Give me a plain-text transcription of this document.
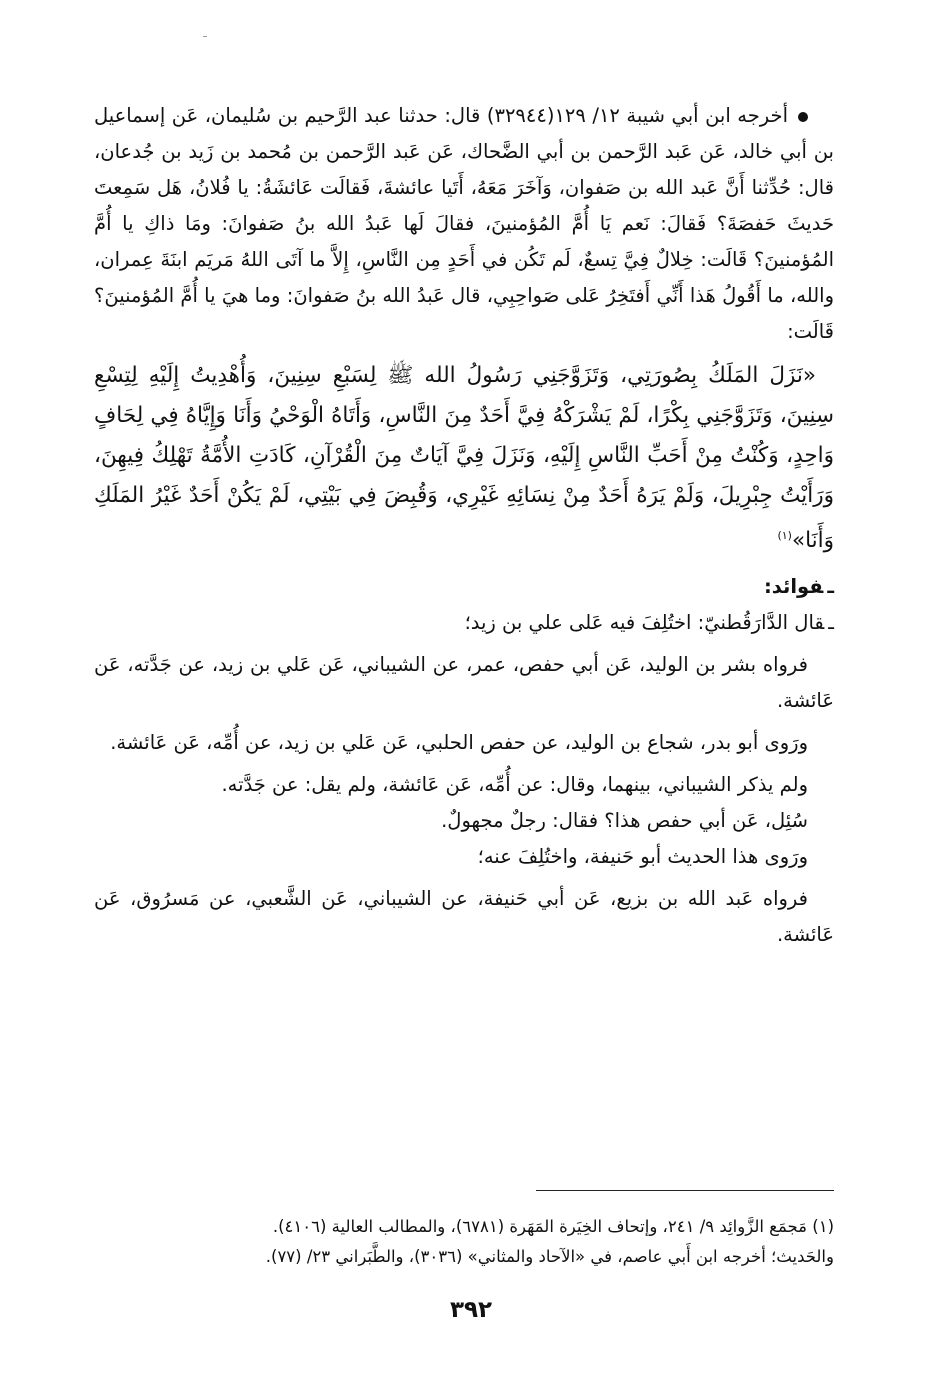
أخرجه ابن أبي شيبة ١٢/ ١٢٩(٣٢٩٤٤) قال: حدثنا عبد الرَّحيم بن سُليمان، عَن إسماعيل بن أبي خالد، عَن عَبد الرَّحمن بن أبي الضَّحاك، عَن عَبد الرَّحمن بن مُحمد بن زَيد بن جُدعان، قال: حُدِّثنا أَنَّ عَبد الله بن صَفوان، وَآخَرَ مَعَهُ، أَتَيا عائشةَ، فَقالَت عَائشَةُ: يا فُلانُ، هَل سَمِعتَ حَديثَ حَفصَةَ؟ فَقالَ: نَعم يَا أُمَّ المُؤمنينَ، فقالَ لَها عَبدُ الله بنُ صَفوانَ: ومَا ذاكِ يا أُمَّ المُؤمنينَ؟ قَالَت: خِلالٌ فِيَّ تِسعٌ، لَم تَكُن في أَحَدٍ مِن النَّاسِ، إِلاَّ ما آتَى اللهُ مَريَم ابنَةَ عِمران، والله، ما أَقُولُ هَذا أَنِّي أَفتَخِرُ عَلى صَواحِبِي، قال عَبدُ الله بنُ صَفوانَ: وما هيَ يا أُمَّ المُؤمنينَ؟ قَالَت:

«نَزَلَ المَلَكُ بِصُورَتِي، وَتَزَوَّجَنِي رَسُولُ الله ﷺ لِسَبْعِ سِنِينَ، وَأُهْدِيتُ إِلَيْهِ لِتِسْعِ سِنِينَ، وَتَزَوَّجَنِي بِكْرًا، لَمْ يَشْرَكْهُ فِيَّ أَحَدٌ مِنَ النَّاسِ، وَأَتَاهُ الْوَحْيُ وَأَنَا وَإِيَّاهُ فِي لِحَافٍ وَاحِدٍ، وَكُنْتُ مِنْ أَحَبِّ النَّاسِ إِلَيْهِ، وَنَزَلَ فِيَّ آيَاتٌ مِنَ الْقُرْآنِ، كَادَتِ الأُمَّةُ تَهْلِكُ فِيهِنَ، وَرَأَيْتُ جِبْرِيلَ، وَلَمْ يَرَهُ أَحَدٌ مِنْ نِسَائِهِ غَيْرِي، وَقُبِضَ فِي بَيْتِي، لَمْ يَكُنْ أَحَدٌ غَيْرُ المَلَكِ وَأَنَا»$^{(١)}$

ـفوائد:

ـقال الدَّارَقُطنيّ: اختُلِفَ فيه عَلى علي بن زيد؛

فرواه بشر بن الوليد، عَن أبي حفص، عمر، عن الشيباني، عَن عَلي بن زيد، عن جَدَّته، عَن عَائشة.

ورَوى أبو بدر، شجاع بن الوليد، عن حفص الحلبي، عَن عَلي بن زيد، عن أُمِّه، عَن عَائشة.

ولم يذكر الشيباني، بينهما، وقال: عن أُمِّه، عَن عَائشة، ولم يقل: عن جَدَّته.

سُئِل، عَن أبي حفص هذا؟ فقال: رجلٌ مجهولٌ.

ورَوى هذا الحديث أبو حَنيفة، واختُلِفَ عنه؛

فرواه عَبد الله بن بزيع، عَن أبي حَنيفة، عن الشيباني، عَن الشَّعبي، عن مَسرُوق، عَن عَائشة.

(١) مَجمَع الزَّوائِد ٩/ ٢٤١، وإتحاف الخِيَرة المَهَرة (٦٧٨١)، والمطالب العالية (٤١٠٦).

والحَديث؛ أخرجه ابن أَبي عاصم، في «الآحاد والمثاني» (٣٠٣٦)، والطَّبَراني ٢٣/ (٧٧).

٣٩٢
